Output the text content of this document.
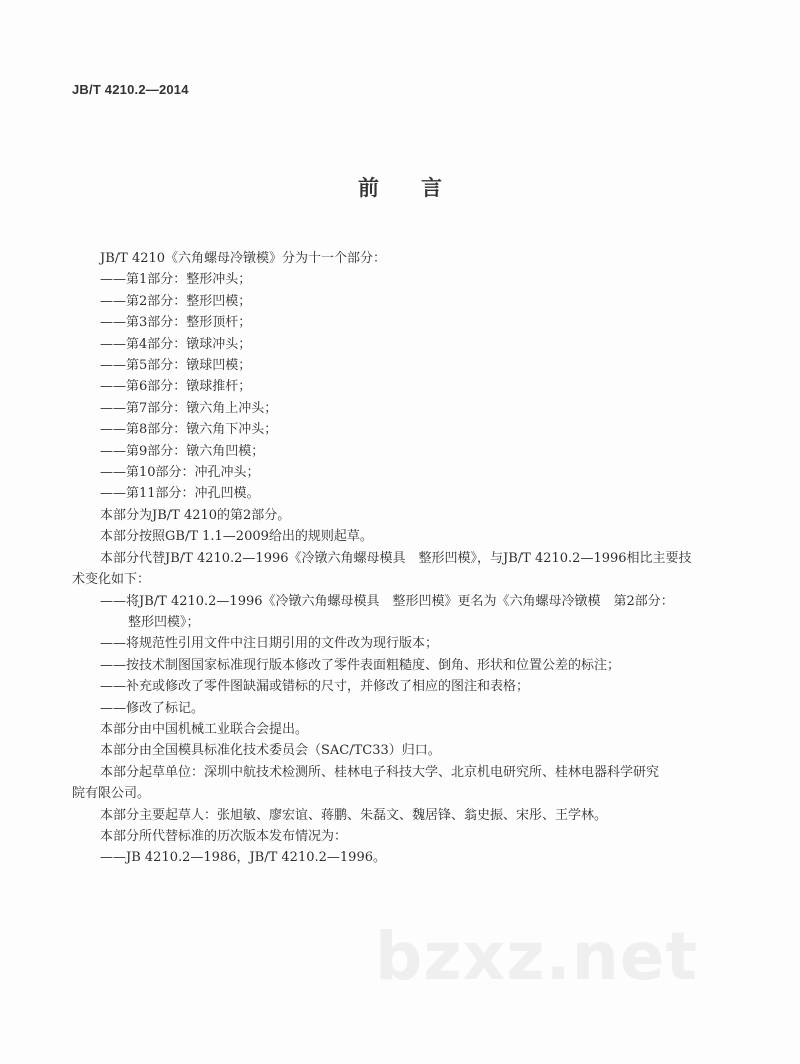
JB/T 4210.2—2014
前 言
JB/T 4210《六角螺母冷镦模》分为十一个部分：
——第1部分：整形冲头；
——第2部分：整形凹模；
——第3部分：整形顶杆；
——第4部分：镦球冲头；
——第5部分：镦球凹模；
——第6部分：镦球推杆；
——第7部分：镦六角上冲头；
——第8部分：镦六角下冲头；
——第9部分：镦六角凹模；
——第10部分：冲孔冲头；
——第11部分：冲孔凹模。
本部分为JB/T 4210的第2部分。
本部分按照GB/T 1.1—2009给出的规则起草。
本部分代替JB/T 4210.2—1996《冷镦六角螺母模具　整形凹模》，与JB/T 4210.2—1996相比主要技
术变化如下：
——将JB/T 4210.2—1996《冷镦六角螺母模具　整形凹模》更名为《六角螺母冷镦模　第2部分：
整形凹模》；
——将规范性引用文件中注日期引用的文件改为现行版本；
——按技术制图国家标准现行版本修改了零件表面粗糙度、倒角、形状和位置公差的标注；
——补充或修改了零件图缺漏或错标的尺寸，并修改了相应的图注和表格；
——修改了标记。
本部分由中国机械工业联合会提出。
本部分由全国模具标准化技术委员会（SAC/TC33）归口。
本部分起草单位：深圳中航技术检测所、桂林电子科技大学、北京机电研究所、桂林电器科学研究
院有限公司。
本部分主要起草人：张旭敏、廖宏谊、蒋鹏、朱磊文、魏居锋、翁史振、宋彤、王学林。
本部分所代替标准的历次版本发布情况为：
——JB 4210.2—1986，JB/T 4210.2—1996。
bzxz.net
